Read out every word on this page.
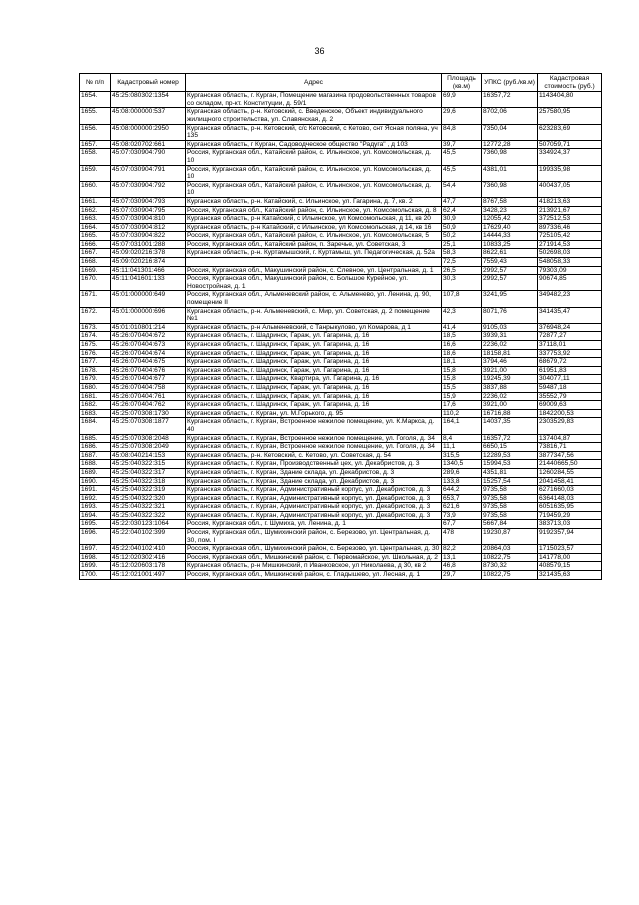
36
№ п/п	Кадастровый номер	Адрес	Площадь (кв.м)	УПКС (руб./кв.м)	Кадастровая стоимость (руб.)
1654.	45:25:080302:1354	Курганская область, г. Курган, Помещение магазина продовольственных товаров со складом, пр-кт. Конституции, д. 59/1	69,9	16357,72	1143404,80
1655.	45:08:000000:537	Курганская область, р-н. Кетовский, с. Введенское, Объект индивидуального жилищного строительства, ул. Славянская, д. 2	29,6	8702,06	257580,95
1656.	45:08:000000:2950	Курганская область, р-н. Кетовский, с/с Кетовский, с Кетово, снт Ясная поляна, уч 135	84,8	7350,04	623283,69
1657.	45:08:020702:661	Курганская область, г Курган, Садоводческое общество "Радуга" , д 103	39,7	12772,28	507059,71
1658.	45:07:030904:790	Россия, Курганская обл., Катайский район, с. Ильинское, ул. Комсомольская, д. 10	45,5	7360,98	334924,37
1659.	45:07:030904:791	Россия, Курганская обл., Катайский район, с. Ильинское, ул. Комсомольская, д. 10	45,5	4381,01	199335,98
1660.	45:07:030904:792	Россия, Курганская обл., Катайский район, с. Ильинское, ул. Комсомольская, д. 10	54,4	7360,98	400437,05
1661.	45:07:030904:793	Курганская область, р-н. Катайский, с. Ильинское, ул. Гагарина, д. 7, кв. 2	47,7	8767,58	418213,63
1662.	45:07:030904:795	Россия, Курганская обл., Катайский район, с. Ильинское, ул. Комсомольская, д. 8	62,4	3428,23	213921,67
1663.	45:07:030904:810	Курганская область, р-н Катайский, с Ильинское, ул Комсомольская, д 11, кв 20	30,9	12055,42	372512,53
1664.	45:07:030904:812	Курганская область, р-н Катайский, с Ильинское, ул Комсомольская, д 14, кв 16	50,9	17629,40	897336,46
1665.	45:07:030904:822	Россия, Курганская обл., Катайский район, с. Ильинское, ул. Комсомольская, 5	50,2	14444,33	725105,42
1666.	45:07:031001:288	Россия, Курганская обл., Катайский район, п. Заречье, ул. Советская, 3	25,1	10833,25	271914,53
1667.	45:09:020216:378	Курганская область, р-н. Куртамышский, г. Куртамыш, ул. Педагогическая, д. 52а	58,3	8622,61	502698,03
1668.	45:09:020216:874		72,5	7559,43	548058,33
1669.	45:11:041301:466	Россия, Курганская обл., Макушинский район, с. Слевное, ул. Центральная, д. 1	26,5	2992,57	79303,09
1670.	45:11:041601:133	Россия, Курганская обл., Макушинский район, с. Большое Курейное, ул. Новостройная, д. 1	30,3	2992,57	90674,85
1671.	45:01:000000:649	Россия, Курганская обл., Альменевский район, с. Альменево, ул. Ленина, д. 90, помещение II	107,8	3241,95	349482,23
1672.	45:01:000000:696	Курганская область, р-н. Альменевский, с. Мир, ул. Советская, д. 2 помещение №1	42,3	8071,76	341435,47
1673.	45:01:010801:214	Курганская область, р-н Альменевский, с Танрыкулово, ул Комарова, д 1	41,4	9105,03	376948,24
1674.	45:26:070404:672	Курганская область, г. Шадринск, Гараж, ул. Гагарина, д. 16	18,5	3939,31	72877,27
1675.	45:26:070404:673	Курганская область, г. Шадринск, Гараж, ул. Гагарина, д. 16	16,6	2236,02	37118,01
1676.	45:26:070404:674	Курганская область, г. Шадринск, Гараж, ул. Гагарина, д. 16	18,6	18158,81	337753,92
1677.	45:26:070404:675	Курганская область, г. Шадринск, Гараж, ул. Гагарина, д. 16	18,1	3794,46	68679,72
1678.	45:26:070404:676	Курганская область, г. Шадринск, Гараж, ул. Гагарина, д. 16	15,8	3921,00	61951,83
1679.	45:26:070404:677	Курганская область, г. Шадринск, Квартира, ул. Гагарина, д. 16	15,8	19245,39	304077,11
1680.	45:26:070404:758	Курганская область, г. Шадринск, Гараж, ул. Гагарина, д. 16	15,5	3837,88	59487,18
1681.	45:26:070404:761	Курганская область, г. Шадринск, Гараж, ул. Гагарина, д. 16	15,9	2236,02	35552,79
1682.	45:26:070404:762	Курганская область, г. Шадринск, Гараж, ул. Гагарина, д. 16	17,6	3921,00	69009,63
1683.	45:25:070308:1730	Курганская область, г. Курган, ул. М.Горького, д. 95	110,2	16716,88	1842200,53
1684.	45:25:070308:1877	Курганская область, г. Курган, Встроенное нежилое помещение, ул. К.Маркса, д. 40	164,1	14037,35	2303529,83
1685.	45:25:070308:2048	Курганская область, г. Курган, Встроенное нежилое помещение, ул. Гоголя, д. 34	8,4	16357,72	137404,87
1686.	45:25:070308:2049	Курганская область, г. Курган, Встроенное нежилое помещение, ул. Гоголя, д. 34	11,1	6650,15	73816,71
1687.	45:08:040214:153	Курганская область, р-н. Кетовский, с. Кетово, ул. Советская, д. 54	315,5	12289,53	3877347,56
1688.	45:25:040322:315	Курганская область, г. Курган, Производственный цех, ул. Декабристов, д. 3	1340,5	15994,53	21440665,50
1689.	45:25:040322:317	Курганская область, г. Курган, Здание склада, ул. Декабристов, д. 3	289,6	4351,81	1260284,55
1690.	45:25:040322:318	Курганская область, г. Курган, Здание склада, ул. Декабристов, д. 3	133,8	15257,54	2041458,41
1691.	45:25:040322:319	Курганская область, г. Курган, Административный корпус, ул. Декабристов, д. 3	644,2	9735,58	6271660,03
1692.	45:25:040322:320	Курганская область, г. Курган, Административный корпус, ул. Декабристов, д. 3	653,7	9735,58	6364148,03
1693.	45:25:040322:321	Курганская область, г. Курган, Административный корпус, ул. Декабристов, д. 3	621,6	9735,58	6051635,95
1694.	45:25:040322:322	Курганская область, г. Курган, Административный корпус, ул. Декабристов, д. 3	73,9	9735,58	719459,29
1695.	45:22:030123:1064	Россия, Курганская обл., г. Шумиха, ул. Ленина, д. 1	67,7	5667,84	383713,03
1696.	45:22:040102:399	Россия, Курганская обл., Шумихинский район, с. Березово, ул. Центральная, д. 30, пом. I	478	19230,87	9192357,94
1697.	45:22:040102:410	Россия, Курганская обл., Шумихинский район, с. Березово, ул. Центральная, д. 30	82,2	20864,03	1715023,57
1698.	45:12:020302:416	Россия, Курганская обл., Мишкинский район, с. Первомайское, ул. Школьная, д. 2	13,1	10822,75	141778,00
1699.	45:12:020603:178	Курганская область, р-н Мишкинский, п Иванковское, ул Николаева, д 30, кв 2	46,8	8730,32	408579,15
1700.	45:12:021001:497	Россия, Курганская обл., Мишкинский район, с. Гладышево, ул. Лесная, д. 1	29,7	10822,75	321435,63
